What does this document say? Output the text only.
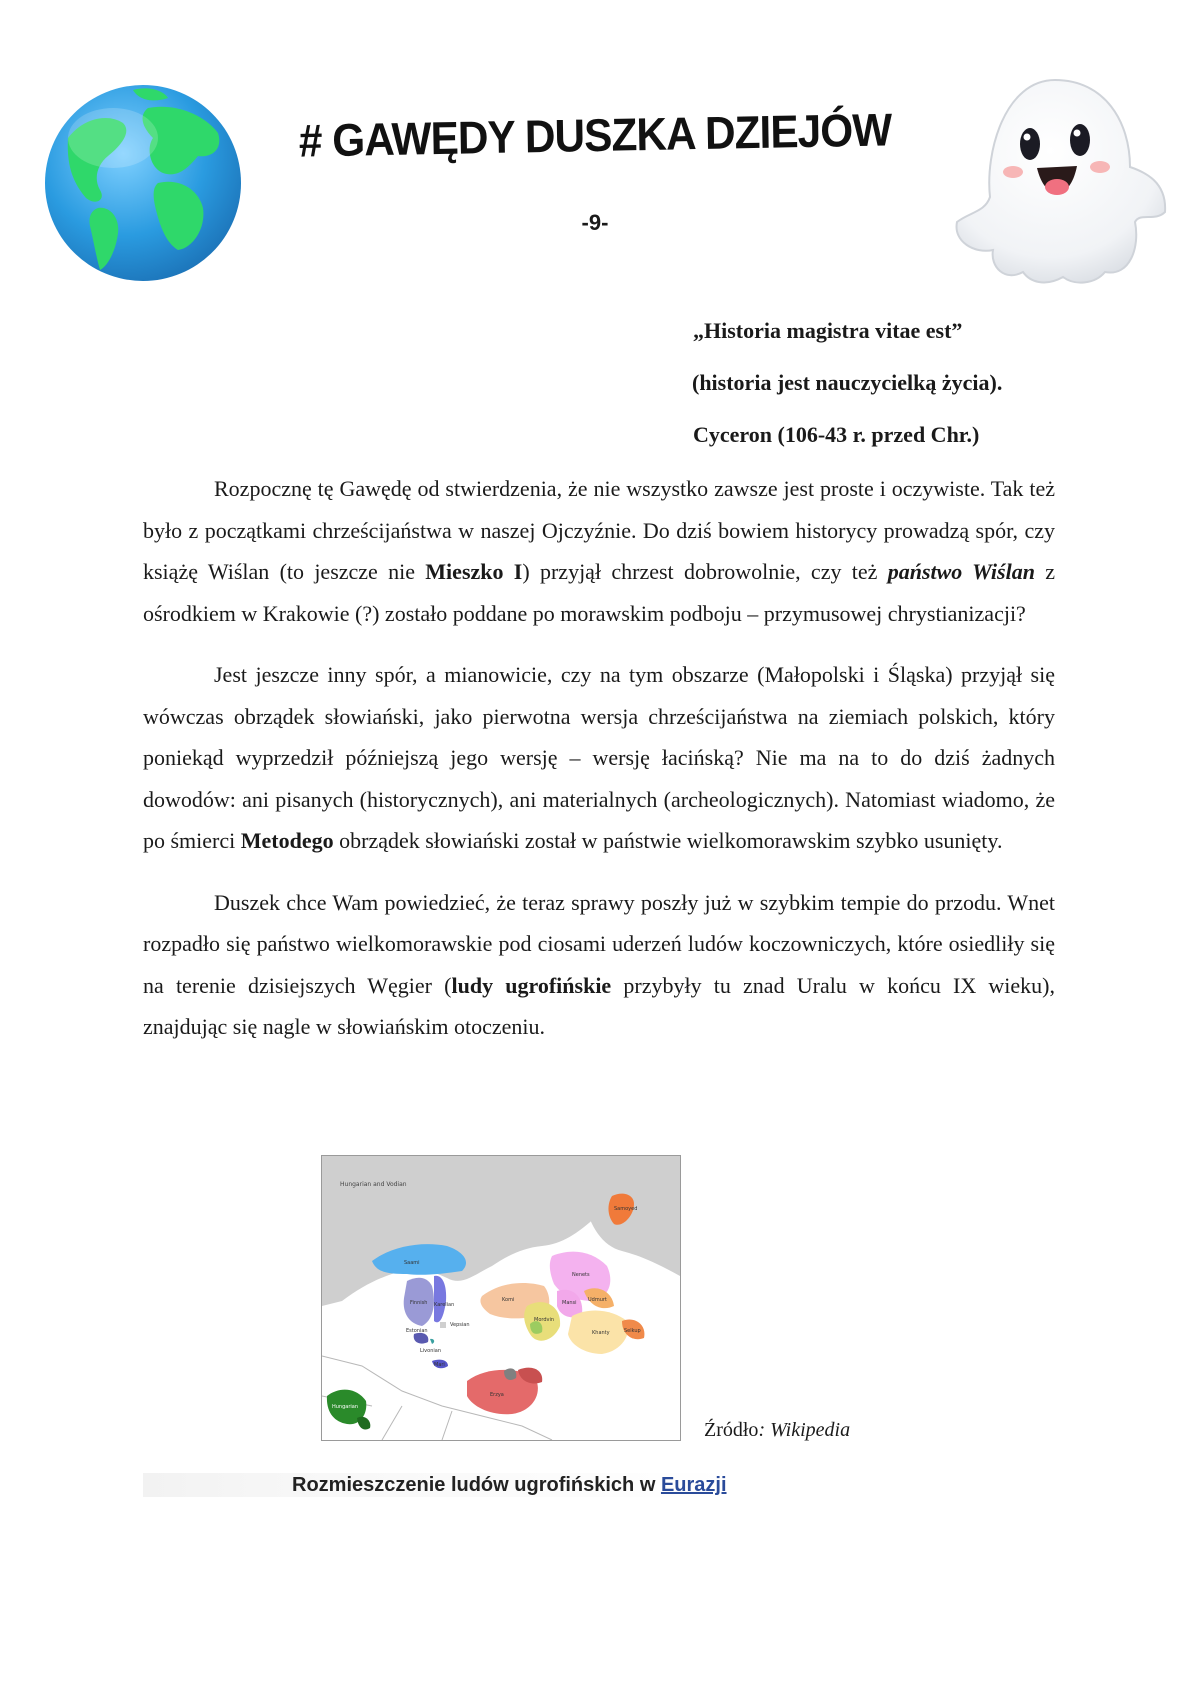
# GAWĘDY DUSZKA DZIEJÓW
-9-
„Historia magistra vitae est”
(historia jest nauczycielką życia).
Cyceron (106-43 r. przed Chr.)

Rozpocznę tę Gawędę od stwierdzenia, że nie wszystko zawsze jest proste i oczywiste. Tak też było z początkami chrześcijaństwa w naszej Ojczyźnie. Do dziś bowiem historycy prowadzą spór, czy książę Wiślan (to jeszcze nie Mieszko I) przyjął chrzest dobrowolnie, czy też państwo Wiślan z ośrodkiem w Krakowie (?) zostało poddane po morawskim podboju – przymusowej chrystianizacji?

Jest jeszcze inny spór, a mianowicie, czy na tym obszarze (Małopolski i Śląska) przyjął się wówczas obrządek słowiański, jako pierwotna wersja chrześcijaństwa na ziemiach polskich, który poniekąd wyprzedził późniejszą jego wersję – wersję łacińską? Nie ma na to do dziś żadnych dowodów: ani pisanych (historycznych), ani materialnych (archeologicznych). Natomiast wiadomo, że po śmierci Metodego obrządek słowiański został w państwie wielkomorawskim szybko usunięty.

Duszek chce Wam powiedzieć, że teraz sprawy poszły już w szybkim tempie do przodu. Wnet rozpadło się państwo wielkomorawskie pod ciosami uderzeń ludów koczowniczych, które osiedliły się na terenie dzisiejszych Węgier (ludy ugrofińskie przybyły tu znad Uralu w końcu IX wieku), znajdując się nagle w słowiańskim otoczeniu.

Hungarian and Vodian
Samoyed
Saami
Finnish Karelian
Estonian
Vepsian
Livonian
Mari
Komi
Nenets
Mansi
Khanty
Udmurt
Mordvin
Selkup
Hungarian
Erzya
Źródło: Wikipedia
Rozmieszczenie ludów ugrofińskich w Eurazji
